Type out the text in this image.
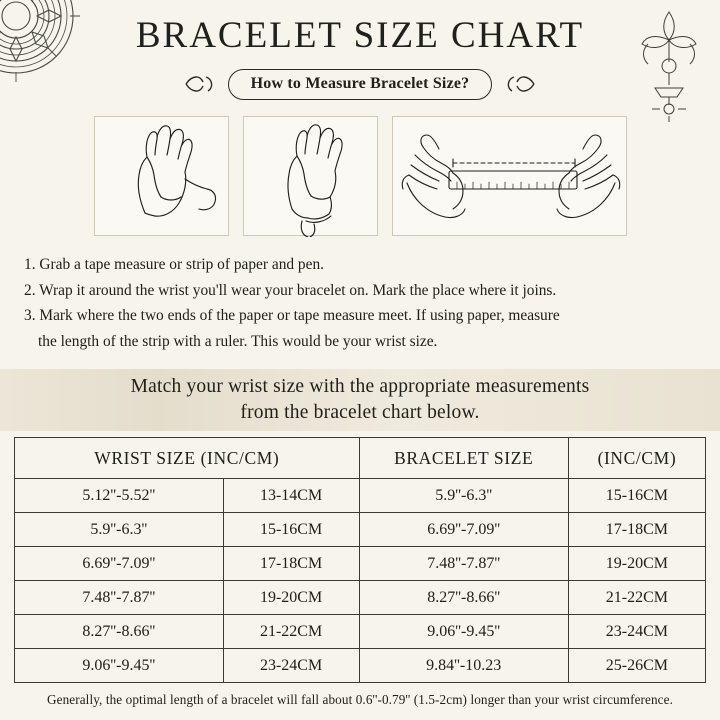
BRACELET SIZE CHART
How to Measure Bracelet Size?
1. Grab a tape measure or strip of paper and pen.
2. Wrap it around the wrist you'll wear your bracelet on. Mark the place where it joins.
3. Mark where the two ends of the paper or tape measure meet. If using paper, measure
the length of the strip with a ruler. This would be your wrist size.
Match your wrist size with the appropriate measurements
from the bracelet chart below.
WRIST SIZE (INC/CM)		BRACELET SIZE	(INC/CM)
5.12''-5.52''	13-14CM	5.9''-6.3''	15-16CM
5.9''-6.3''	15-16CM	6.69''-7.09''	17-18CM
6.69''-7.09''	17-18CM	7.48''-7.87''	19-20CM
7.48''-7.87''	19-20CM	8.27''-8.66''	21-22CM
8.27''-8.66''	21-22CM	9.06''-9.45''	23-24CM
9.06''-9.45''	23-24CM	9.84''-10.23	25-26CM
Generally, the optimal length of a bracelet will fall about 0.6''-0.79'' (1.5-2cm) longer than your wrist circumference.
